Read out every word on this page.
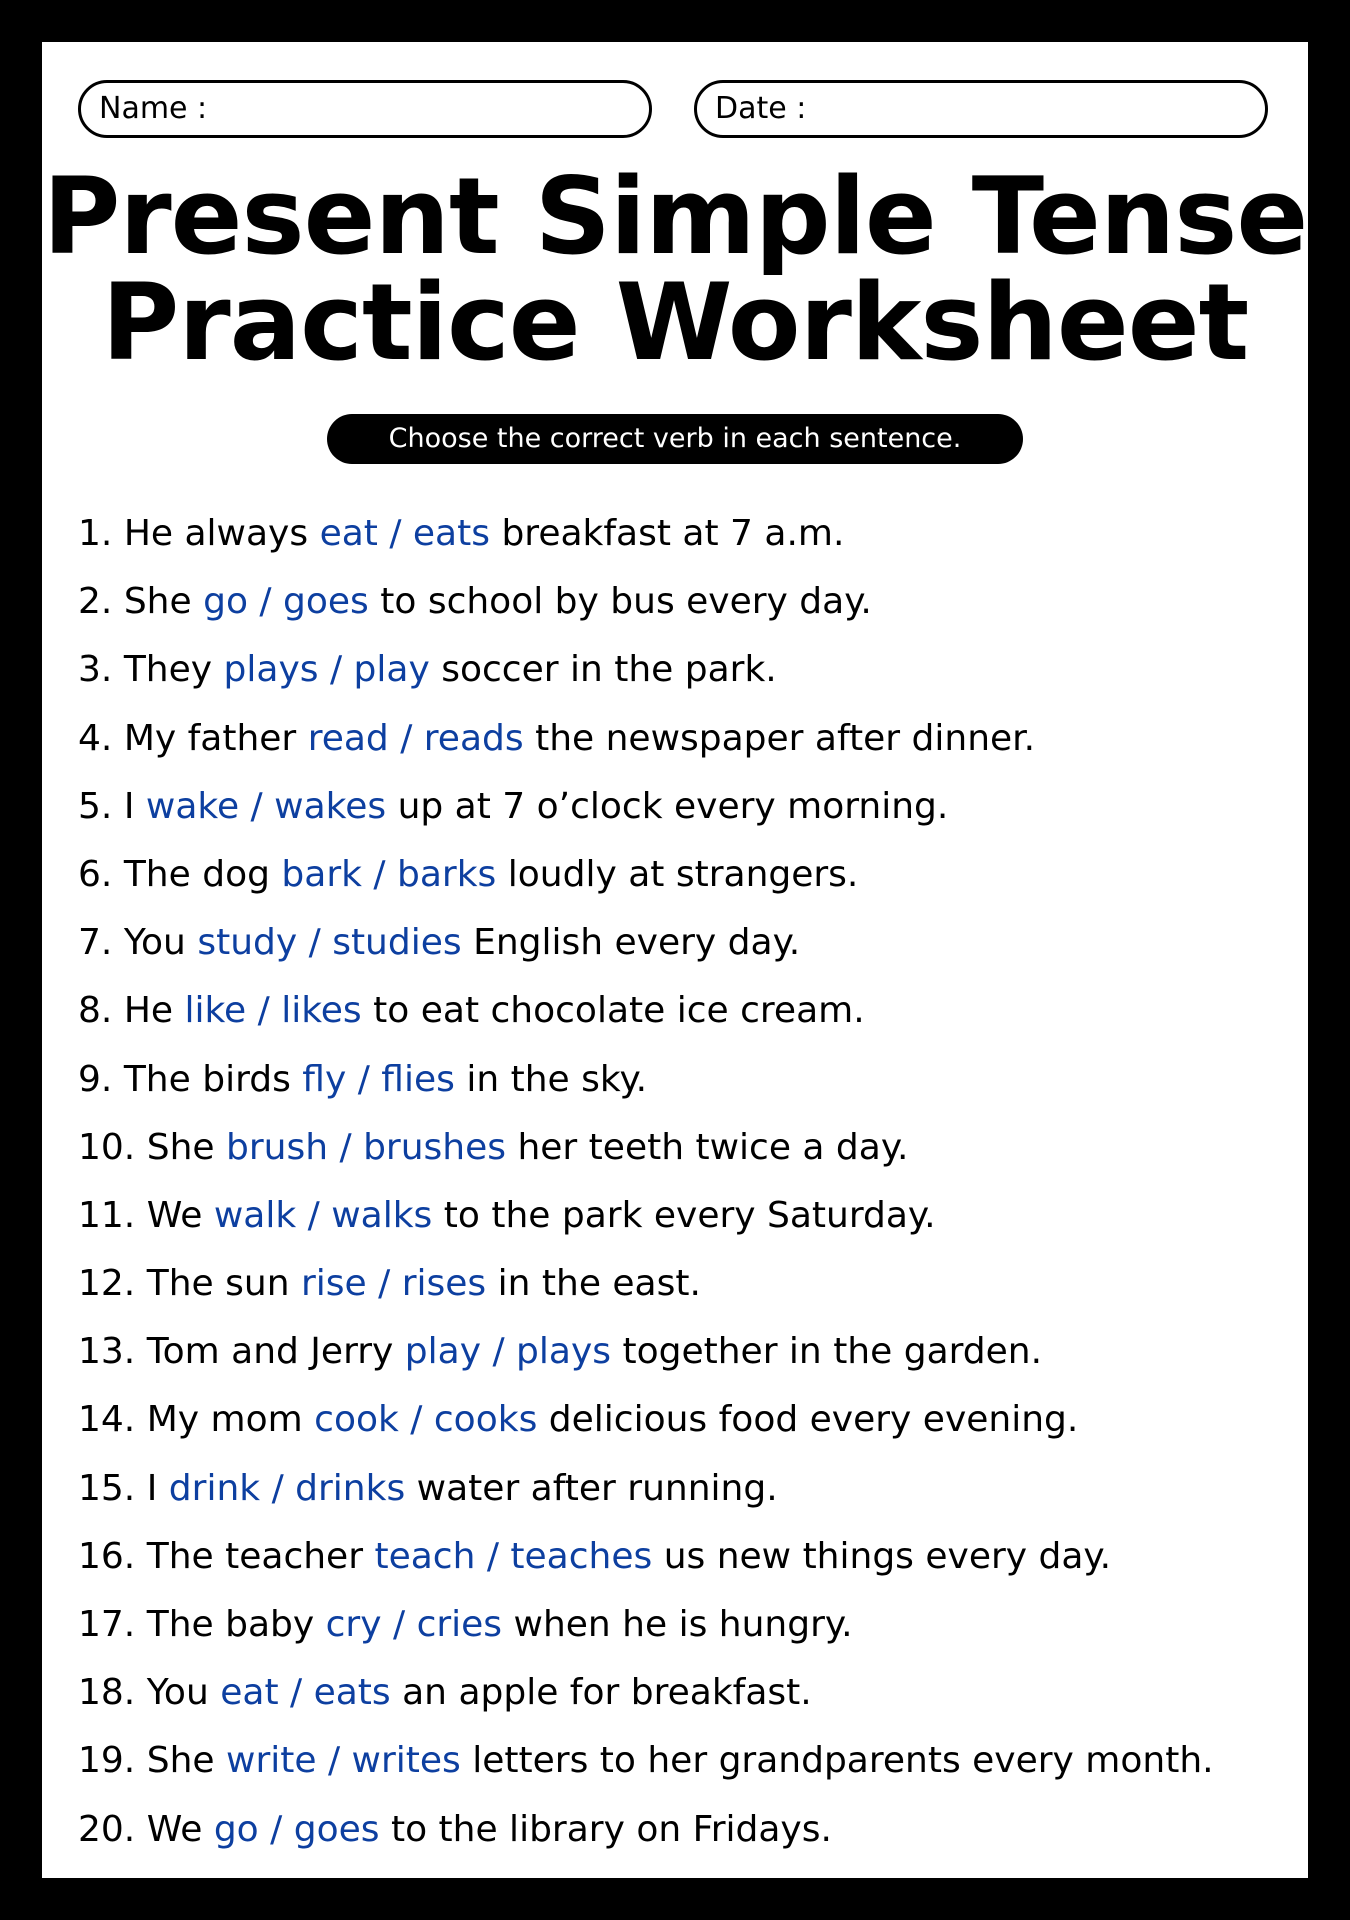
Name :	Date :
Present Simple Tense
Practice Worksheet
Choose the correct verb in each sentence.
1. He always eat / eats breakfast at 7 a.m.
2. She go / goes to school by bus every day.
3. They plays / play soccer in the park.
4. My father read / reads the newspaper after dinner.
5. I wake / wakes up at 7 o’clock every morning.
6. The dog bark / barks loudly at strangers.
7. You study / studies English every day.
8. He like / likes to eat chocolate ice cream.
9. The birds fly / flies in the sky.
10. She brush / brushes her teeth twice a day.
11. We walk / walks to the park every Saturday.
12. The sun rise / rises in the east.
13. Tom and Jerry play / plays together in the garden.
14. My mom cook / cooks delicious food every evening.
15. I drink / drinks water after running.
16. The teacher teach / teaches us new things every day.
17. The baby cry / cries when he is hungry.
18. You eat / eats an apple for breakfast.
19. She write / writes letters to her grandparents every month.
20. We go / goes to the library on Fridays.
